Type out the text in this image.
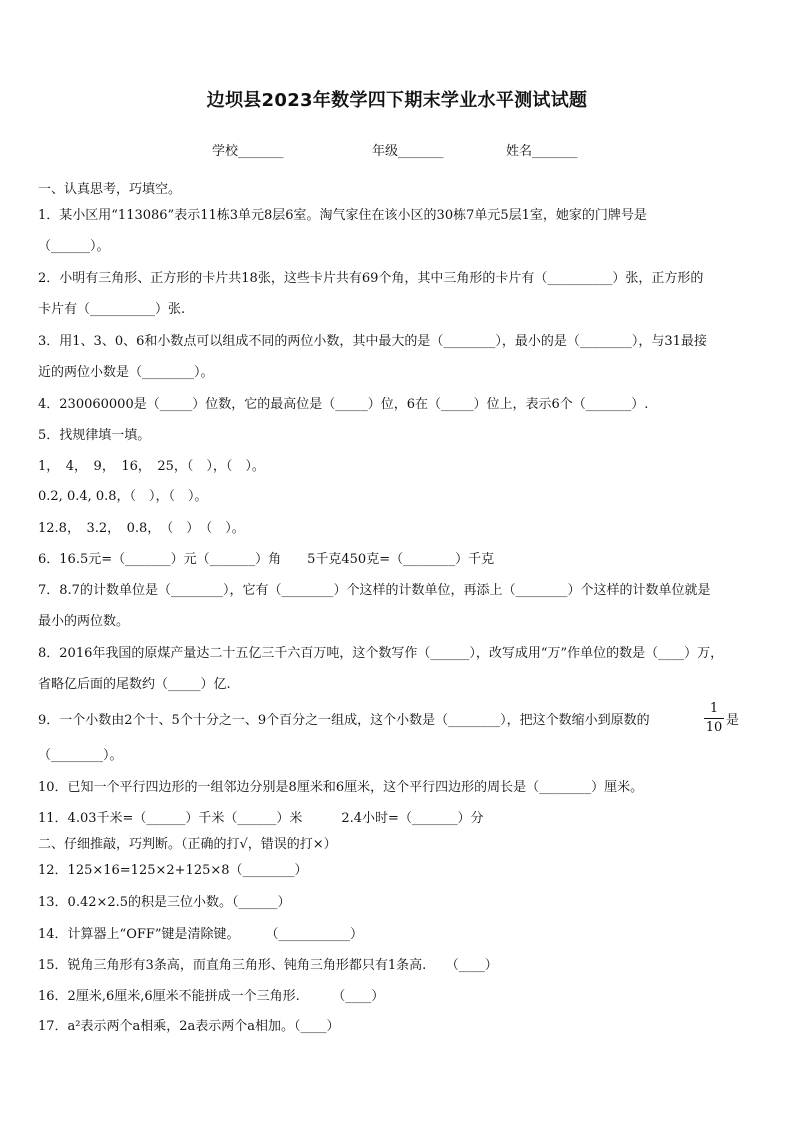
边坝县2023年数学四下期末学业水平测试试题
学校_______	年级_______	姓名_______
一、认真思考，巧填空。
1．某小区用“113086”表示11栋3单元8层6室。淘气家住在该小区的30栋7单元5层1室，她家的门牌号是
（______）。
2．小明有三角形、正方形的卡片共18张，这些卡片共有69个角，其中三角形的卡片有（__________）张，正方形的
卡片有（__________）张.
3．用1、3、0、6和小数点可以组成不同的两位小数，其中最大的是（________），最小的是（________），与31最接
近的两位小数是（________）。
4．230060000是（_____）位数，它的最高位是（_____）位，6在（_____）位上，表示6个（_______）.
5．找规律填一填。
1，　4，　9，　16，　25，（　），（　）。
0.2, 0.4, 0.8，（　），（　）。
12.8，　3.2，　0.8，　（　）　（　）。
6．16.5元=（_______）元（_______）角　　5千克450克=（________）千克
7．8.7的计数单位是（________），它有（________）个这样的计数单位，再添上（________）个这样的计数单位就是
最小的两位数。
8．2016年我国的原煤产量达二十五亿三千六百万吨，这个数写作（______），改写成用“万”作单位的数是（____）万，
省略亿后面的尾数约（_____）亿.
9．一个小数由2个十、5个十分之一、9个百分之一组成，这个小数是（________），把这个数缩小到原数的
1
10 是
（________）。
10．已知一个平行四边形的一组邻边分别是8厘米和6厘米，这个平行四边形的周长是（________）厘米。
11．4.03千米=（______）千米（______）米　　　2.4小时=（_______）分
二、仔细推敲，巧判断。（正确的打√，错误的打×）
12．125×16=125×2+125×8（________）
13．0.42×2.5的积是三位小数。（______）
14．计算器上“OFF”键是清除键。　　　（___________）
15．锐角三角形有3条高，而直角三角形、钝角三角形都只有1条高.　　（____）
16．2厘米,6厘米,6厘米不能拼成一个三角形.　　　（____）
17．a²表示两个a相乘，2a表示两个a相加。（____）
